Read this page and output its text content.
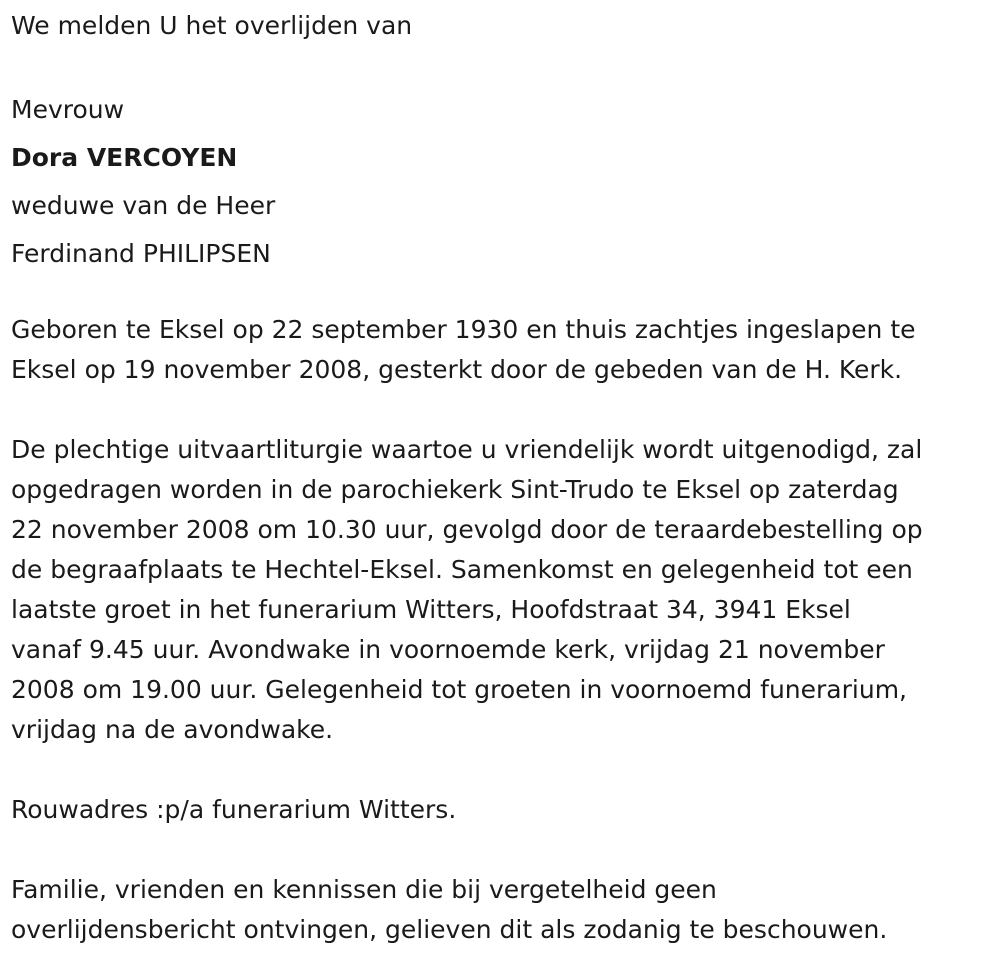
We melden U het overlijden van

Mevrouw

Dora VERCOYEN

weduwe van de Heer

Ferdinand PHILIPSEN

Geboren te Eksel op 22 september 1930 en thuis zachtjes ingeslapen te

Eksel op 19 november 2008, gesterkt door de gebeden van de H. Kerk.

De plechtige uitvaartliturgie waartoe u vriendelijk wordt uitgenodigd, zal

opgedragen worden in de parochiekerk Sint-Trudo te Eksel op zaterdag

22 november 2008 om 10.30 uur, gevolgd door de teraardebestelling op

de begraafplaats te Hechtel-Eksel. Samenkomst en gelegenheid tot een

laatste groet in het funerarium Witters, Hoofdstraat 34, 3941 Eksel

vanaf 9.45 uur. Avondwake in voornoemde kerk, vrijdag 21 november

2008 om 19.00 uur. Gelegenheid tot groeten in voornoemd funerarium,

vrijdag na de avondwake.

Rouwadres :p/a funerarium Witters.

Familie, vrienden en kennissen die bij vergetelheid geen

overlijdensbericht ontvingen, gelieven dit als zodanig te beschouwen.
